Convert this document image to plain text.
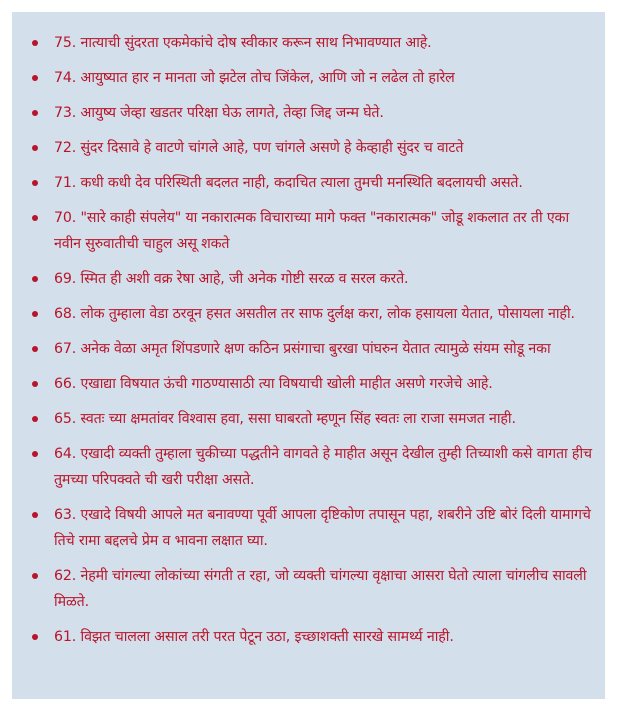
75. नात्याची सुंदरता एकमेकांचे दोष स्वीकार करून साथ निभावण्यात आहे.
74. आयुष्यात हार न मानता जो झटेल तोच जिंकेल, आणि जो न लढेल तो हारेल
73. आयुष्य जेव्हा खडतर परिक्षा घेऊ लागते, तेव्हा जिद्द जन्म घेते.
72. सुंदर दिसावे हे वाटणे चांगले आहे, पण चांगले असणे हे केव्हाही सुंदर च वाटते
71. कधी कधी देव परिस्थिती बदलत नाही, कदाचित त्याला तुमची मनस्थिति बदलायची असते.
70. "सारे काही संपलेय" या नकारात्मक विचाराच्या मागे फक्त "नकारात्मक" जोडू शकलात तर ती एका नवीन सुरुवातीची चाहुल असू शकते
69. स्मित ही अशी वक्र रेषा आहे, जी अनेक गोष्टी सरळ व सरल करते.
68. लोक तुम्हाला वेडा ठरवून हसत असतील तर साफ दुर्लक्ष करा, लोक हसायला येतात, पोसायला नाही.
67. अनेक वेळा अमृत शिंपडणारे क्षण कठिन प्रसंगाचा बुरखा पांघरुन येतात त्यामुळे संयम सोडू नका
66. एखाद्या विषयात ऊंची गाठण्यासाठी त्या विषयाची खोली माहीत असणे गरजेचे आहे.
65. स्वतः च्या क्षमतांवर विश्वास हवा, ससा घाबरतो म्हणून सिंह स्वतः ला राजा समजत नाही.
64. एखादी व्यक्ती तुम्हाला चुकीच्या पद्धतीने वागवते हे माहीत असून देखील तुम्ही तिच्याशी कसे वागता हीच तुमच्या परिपक्वते ची खरी परीक्षा असते.
63. एखादे विषयी आपले मत बनावण्या पूर्वी आपला दृष्टिकोण तपासून पहा, शबरीने उष्टि बोरं दिली यामागचे तिचे रामा बद्दलचे प्रेम व भावना लक्षात घ्या.
62. नेहमी चांगल्या लोकांच्या संगती त रहा, जो व्यक्ती चांगल्या वृक्षाचा आसरा घेतो त्याला चांगलीच सावली मिळते.
61. विझत चालला असाल तरी परत पेटून उठा, इच्छाशक्ती सारखे सामर्थ्य नाही.
